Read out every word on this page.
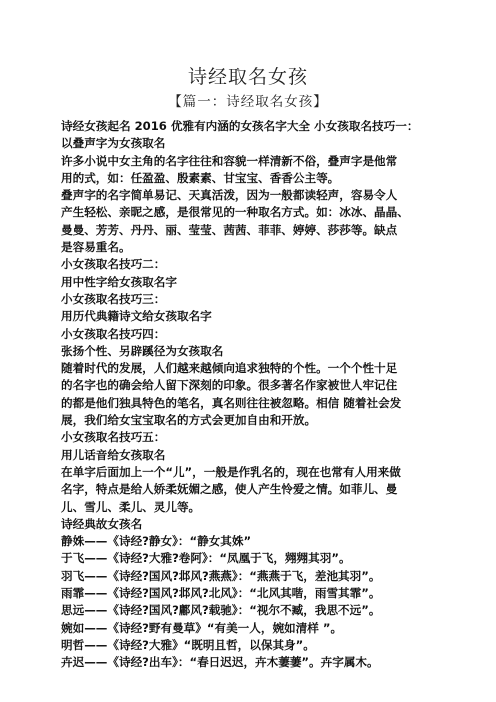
诗经取名女孩
【篇一：诗经取名女孩】
诗经女孩起名 2016 优雅有内涵的女孩名字大全 小女孩取名技巧一：
以叠声字为女孩取名
许多小说中女主角的名字往往和容貌一样清新不俗，叠声字是他常
用的式，如：任盈盈、殷素素、甘宝宝、香香公主等。
叠声字的名字简单易记、天真活泼，因为一般都读轻声，容易令人
产生轻松、亲昵之感，是很常见的一种取名方式。如：冰冰、晶晶、
曼曼、芳芳、丹丹、丽、莹莹、茜茜、菲菲、婷婷、莎莎等。缺点
是容易重名。
小女孩取名技巧二：
用中性字给女孩取名字
小女孩取名技巧三：
用历代典籍诗文给女孩取名字
小女孩取名技巧四：
张扬个性、另辟蹊径为女孩取名
随着时代的发展，人们越来越倾向追求独特的个性。一个个性十足
的名字也的确会给人留下深刻的印象。很多著名作家被世人牢记住
的都是他们独具特色的笔名，真名则往往被忽略。相信 随着社会发
展，我们给女宝宝取名的方式会更加自由和开放。
小女孩取名技巧五：
用儿话音给女孩取名
在单字后面加上一个“儿”，一般是作乳名的，现在也常有人用来做
名字，特点是给人娇柔妩媚之感，使人产生怜爱之情。如菲儿、曼
儿、雪儿、柔儿、灵儿等。
诗经典故女孩名
静姝——《诗经?静女》：“静女其姝”
于飞——《诗经?大雅?卷阿》：“凤凰于飞，翙翙其羽”。
羽飞——《诗经?国风?邶风?燕燕》：“燕燕于飞，差池其羽”。
雨霏——《诗经?国风?邶风?北风》：“北风其喈，雨雪其霏”。
思远——《诗经?国风?鄘风?载驰》：“视尔不臧，我思不远”。
婉如——《诗经?野有曼草》“有美一人，婉如清样 ”。
明哲——《诗经?大雅》“既明且哲，以保其身”。
卉迟——《诗经?出车》：“春日迟迟，卉木萋萋”。卉字属木。
